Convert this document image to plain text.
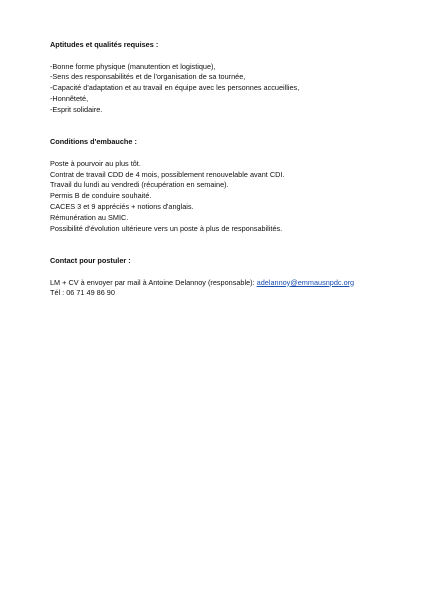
Aptitudes et qualités requises :
-Bonne forme physique (manutention et logistique),
-Sens des responsabilités et de l'organisation de sa tournée,
-Capacité d'adaptation et au travail en équipe avec les personnes accueillies,
-Honnêteté,
-Esprit solidaire.
Conditions d'embauche :
Poste à pourvoir au plus tôt.
Contrat de travail CDD de 4 mois, possiblement renouvelable avant CDI.
Travail du lundi au vendredi (récupération en semaine).
Permis B de conduire souhaité.
CACES 3 et 9 appréciés + notions d'anglais.
Rémunération au SMIC.
Possibilité d'évolution ultérieure vers un poste à plus de responsabilités.
Contact pour postuler :
LM + CV à envoyer par mail à Antoine Delannoy (responsable): adelannoy@emmausnpdc.org
Tél : 06 71 49 86 90
